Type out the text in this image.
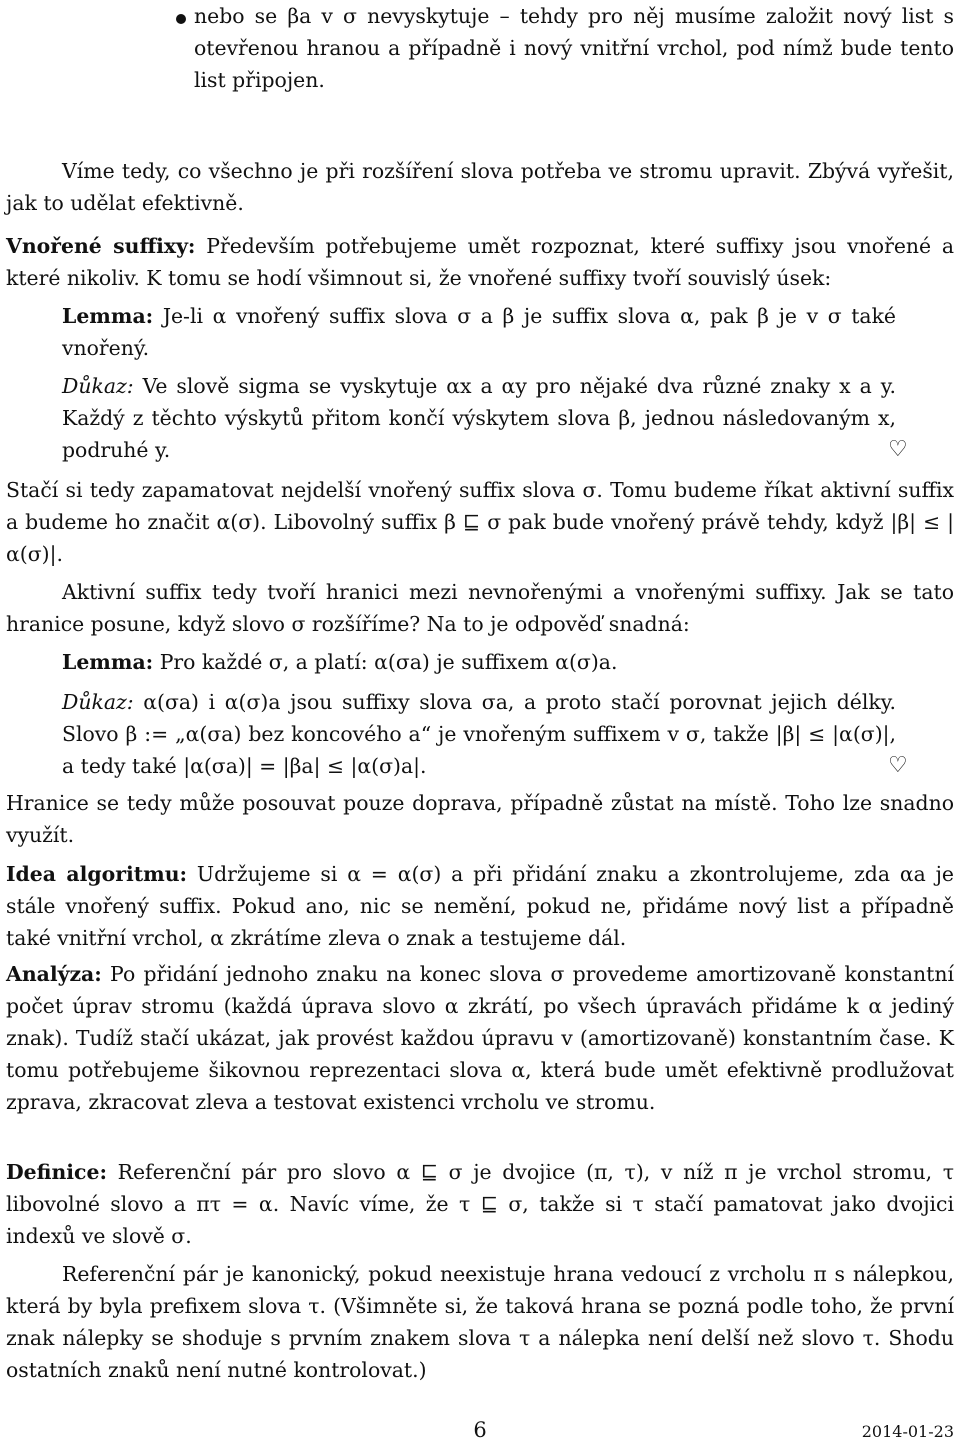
nebo se βa v σ nevyskytuje – tehdy pro něj musíme založit nový list s otevřenou hranou a případně i nový vnitřní vrchol, pod nímž bude tento list připojen.

Víme tedy, co všechno je při rozšíření slova potřeba ve stromu upravit. Zbývá vyřešit, jak to udělat efektivně.

Vnořené suffixy: Především potřebujeme umět rozpoznat, které suffixy jsou vnořené a které nikoliv. K tomu se hodí všimnout si, že vnořené suffixy tvoří souvislý úsek:

Lemma: Je-li α vnořený suffix slova σ a β je suffix slova α, pak β je v σ také vnořený.

Důkaz: Ve slově sigma se vyskytuje αx a αy pro nějaké dva různé znaky x a y. Každý z těchto výskytů přitom končí výskytem slova β, jednou následovaným x, podruhé y.	♡

Stačí si tedy zapamatovat nejdelší vnořený suffix slova σ. Tomu budeme říkat aktivní suffix a budeme ho značit α(σ). Libovolný suffix β ⊑ σ pak bude vnořený právě tehdy, když |β| ≤ |α(σ)|.

Aktivní suffix tedy tvoří hranici mezi nevnořenými a vnořenými suffixy. Jak se tato hranice posune, když slovo σ rozšíříme? Na to je odpověď snadná:

Lemma: Pro každé σ, a platí: α(σa) je suffixem α(σ)a.

Důkaz: α(σa) i α(σ)a jsou suffixy slova σa, a proto stačí porovnat jejich délky. Slovo β := „α(σa) bez koncového a“ je vnořeným suffixem v σ, takže |β| ≤ |α(σ)|, a tedy také |α(σa)| = |βa| ≤ |α(σ)a|.	♡

Hranice se tedy může posouvat pouze doprava, případně zůstat na místě. Toho lze snadno využít.

Idea algoritmu: Udržujeme si α = α(σ) a při přidání znaku a zkontrolujeme, zda αa je stále vnořený suffix. Pokud ano, nic se nemění, pokud ne, přidáme nový list a případně také vnitřní vrchol, α zkrátíme zleva o znak a testujeme dál.

Analýza: Po přidání jednoho znaku na konec slova σ provedeme amortizovaně konstantní počet úprav stromu (každá úprava slovo α zkrátí, po všech úpravách přidáme k α jediný znak). Tudíž stačí ukázat, jak provést každou úpravu v (amortizovaně) konstantním čase. K tomu potřebujeme šikovnou reprezentaci slova α, která bude umět efektivně prodlužovat zprava, zkracovat zleva a testovat existenci vrcholu ve stromu.

Definice: Referenční pár pro slovo α ⊑ σ je dvojice (π, τ), v níž π je vrchol stromu, τ libovolné slovo a πτ = α. Navíc víme, že τ ⊑ σ, takže si τ stačí pamatovat jako dvojici indexů ve slově σ.

Referenční pár je kanonický, pokud neexistuje hrana vedoucí z vrcholu π s nálepkou, která by byla prefixem slova τ. (Všimněte si, že taková hrana se pozná podle toho, že první znak nálepky se shoduje s prvním znakem slova τ a nálepka není delší než slovo τ. Shodu ostatních znaků není nutné kontrolovat.)

6	2014-01-23
